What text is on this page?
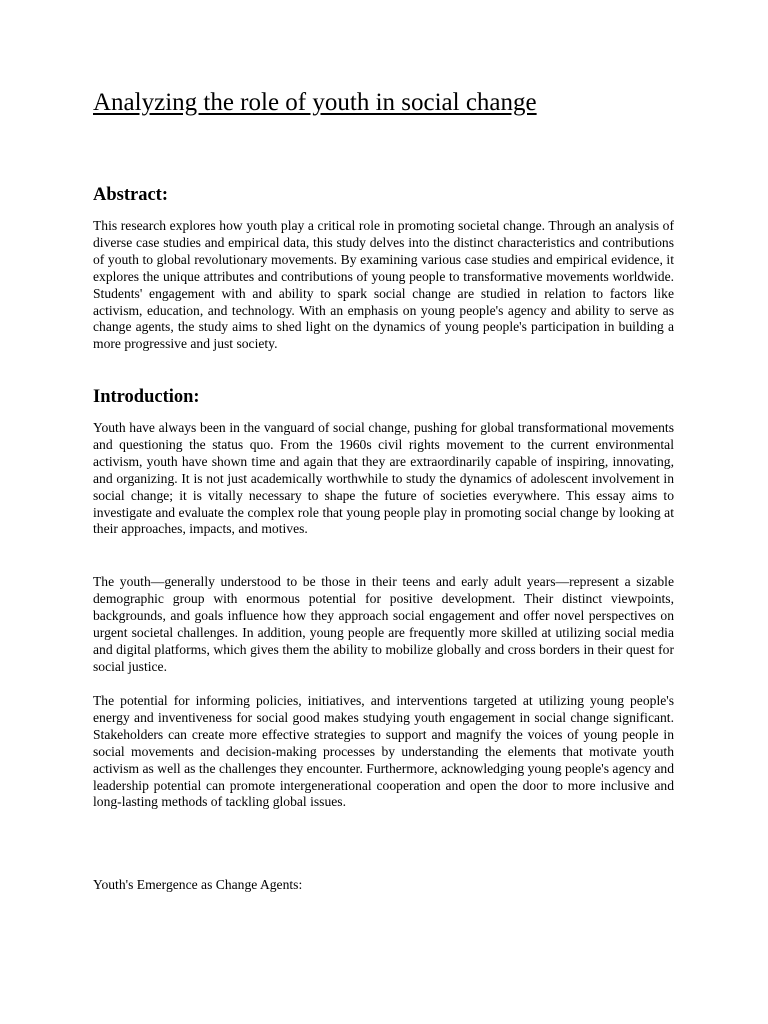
Analyzing the role of youth in social change
Abstract:

This research explores how youth play a critical role in promoting societal change. Through an analysis of diverse case studies and empirical data, this study delves into the distinct characteristics and contributions of youth to global revolutionary movements. By examining various case studies and empirical evidence, it explores the unique attributes and contributions of young people to transformative movements worldwide. Students' engagement with and ability to spark social change are studied in relation to factors like activism, education, and technology. With an emphasis on young people's agency and ability to serve as change agents, the study aims to shed light on the dynamics of young people's participation in building a more progressive and just society.

Introduction:

Youth have always been in the vanguard of social change, pushing for global transformational movements and questioning the status quo. From the 1960s civil rights movement to the current environmental activism, youth have shown time and again that they are extraordinarily capable of inspiring, innovating, and organizing. It is not just academically worthwhile to study the dynamics of adolescent involvement in social change; it is vitally necessary to shape the future of societies everywhere. This essay aims to investigate and evaluate the complex role that young people play in promoting social change by looking at their approaches, impacts, and motives.

The youth—generally understood to be those in their teens and early adult years—represent a sizable demographic group with enormous potential for positive development. Their distinct viewpoints, backgrounds, and goals influence how they approach social engagement and offer novel perspectives on urgent societal challenges. In addition, young people are frequently more skilled at utilizing social media and digital platforms, which gives them the ability to mobilize globally and cross borders in their quest for social justice.

The potential for informing policies, initiatives, and interventions targeted at utilizing young people's energy and inventiveness for social good makes studying youth engagement in social change significant. Stakeholders can create more effective strategies to support and magnify the voices of young people in social movements and decision-making processes by understanding the elements that motivate youth activism as well as the challenges they encounter. Furthermore, acknowledging young people's agency and leadership potential can promote intergenerational cooperation and open the door to more inclusive and long-lasting methods of tackling global issues.

Youth's Emergence as Change Agents:
